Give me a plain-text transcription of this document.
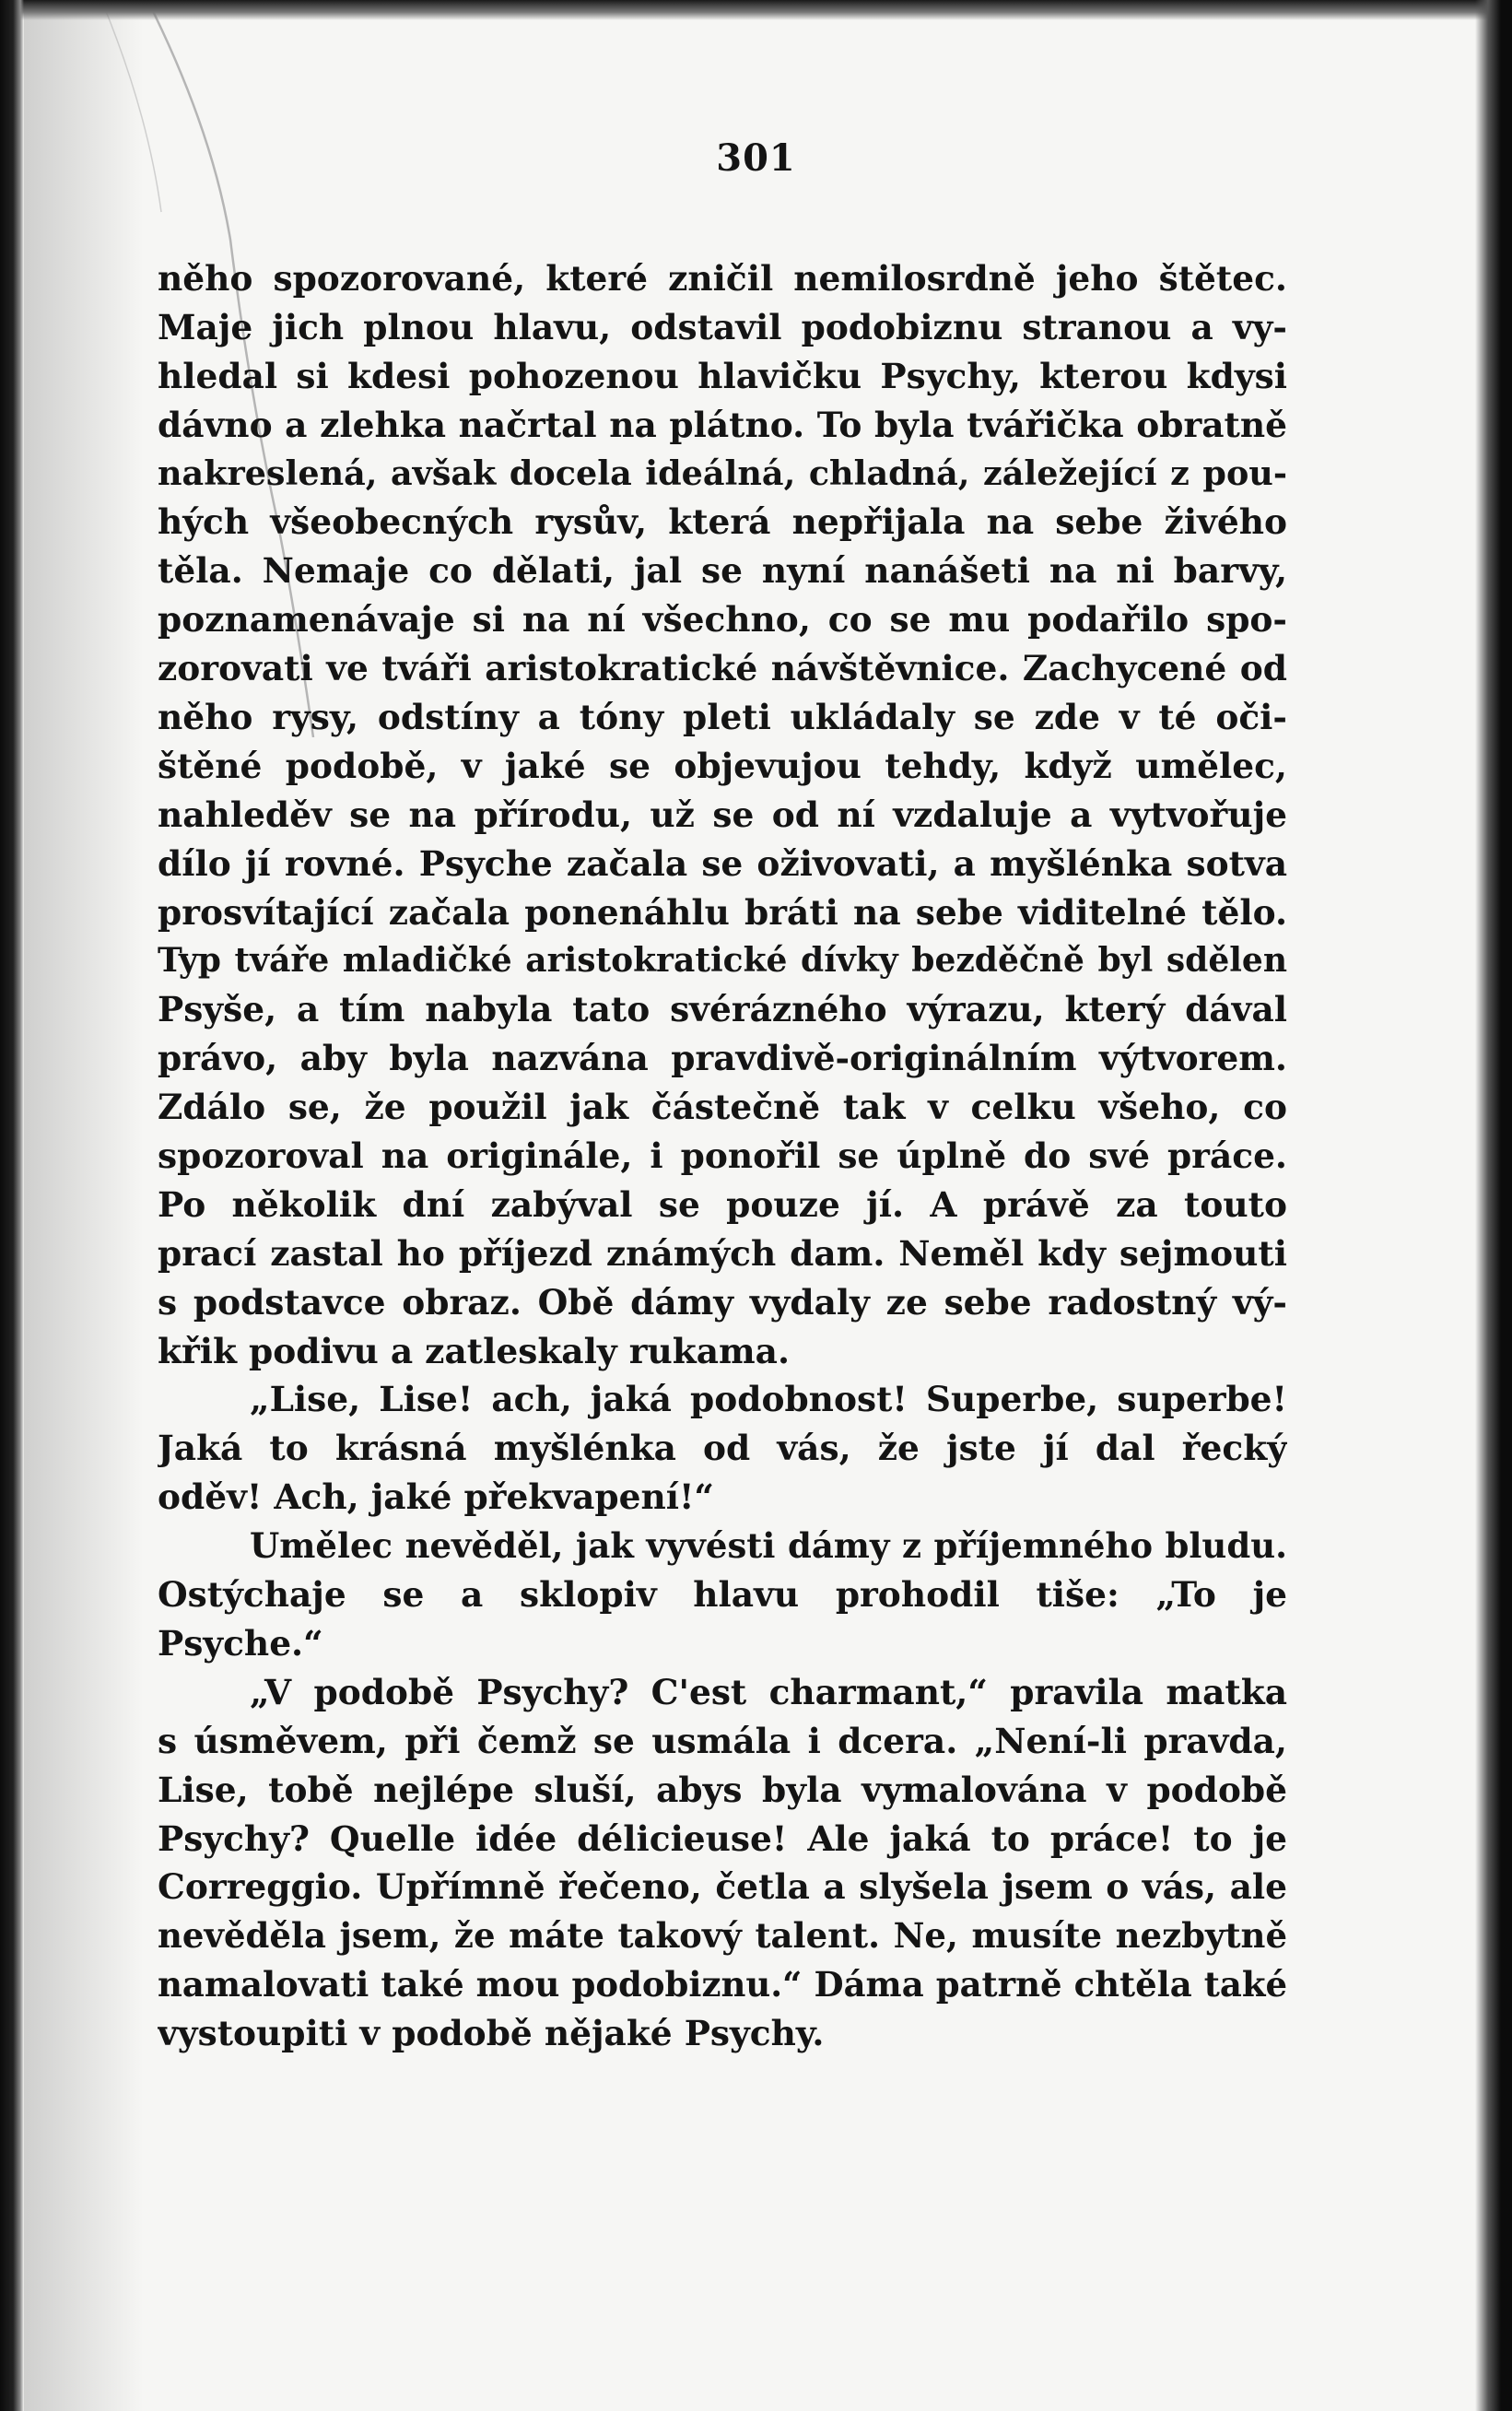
301
něho spozorované, které zničil nemilosrdně jeho štětec.
Maje jich plnou hlavu, odstavil podobiznu stranou a vy-
hledal si kdesi pohozenou hlavičku Psychy, kterou kdysi
dávno a zlehka načrtal na plátno. To byla tvářička obratně
nakreslená, avšak docela ideálná, chladná, záležející z pou-
hých všeobecných rysův, která nepřijala na sebe živého
těla. Nemaje co dělati, jal se nyní nanášeti na ni barvy,
poznamenávaje si na ní všechno, co se mu podařilo spo-
zorovati ve tváři aristokratické návštěvnice. Zachycené od
něho rysy, odstíny a tóny pleti ukládaly se zde v té oči-
štěné podobě, v jaké se objevujou tehdy, když umělec,
nahleděv se na přírodu, už se od ní vzdaluje a vytvořuje
dílo jí rovné. Psyche začala se oživovati, a myšlénka sotva
prosvítající začala ponenáhlu bráti na sebe viditelné tělo.
Typ tváře mladičké aristokratické dívky bezděčně byl sdělen
Psyše, a tím nabyla tato svérázného výrazu, který dával
právo, aby byla nazvána pravdivě-originálním výtvorem.
Zdálo se, že použil jak částečně tak v celku všeho, co
spozoroval na originále, i ponořil se úplně do své práce.
Po několik dní zabýval se pouze jí. A právě za touto
prací zastal ho příjezd známých dam. Neměl kdy sejmouti
s podstavce obraz. Obě dámy vydaly ze sebe radostný vý-
křik podivu a zatleskaly rukama.
„Lise, Lise! ach, jaká podobnost! Superbe, superbe!
Jaká to krásná myšlénka od vás, že jste jí dal řecký
oděv! Ach, jaké překvapení!“
Umělec nevěděl, jak vyvésti dámy z příjemného bludu.
Ostýchaje se a sklopiv hlavu prohodil tiše: „To je
Psyche.“
„V podobě Psychy? C'est charmant,“ pravila matka
s úsměvem, při čemž se usmála i dcera. „Není-li pravda,
Lise, tobě nejlépe sluší, abys byla vymalována v podobě
Psychy? Quelle idée délicieuse! Ale jaká to práce! to je
Correggio. Upřímně řečeno, četla a slyšela jsem o vás, ale
nevěděla jsem, že máte takový talent. Ne, musíte nezbytně
namalovati také mou podobiznu.“ Dáma patrně chtěla také
vystoupiti v podobě nějaké Psychy.
